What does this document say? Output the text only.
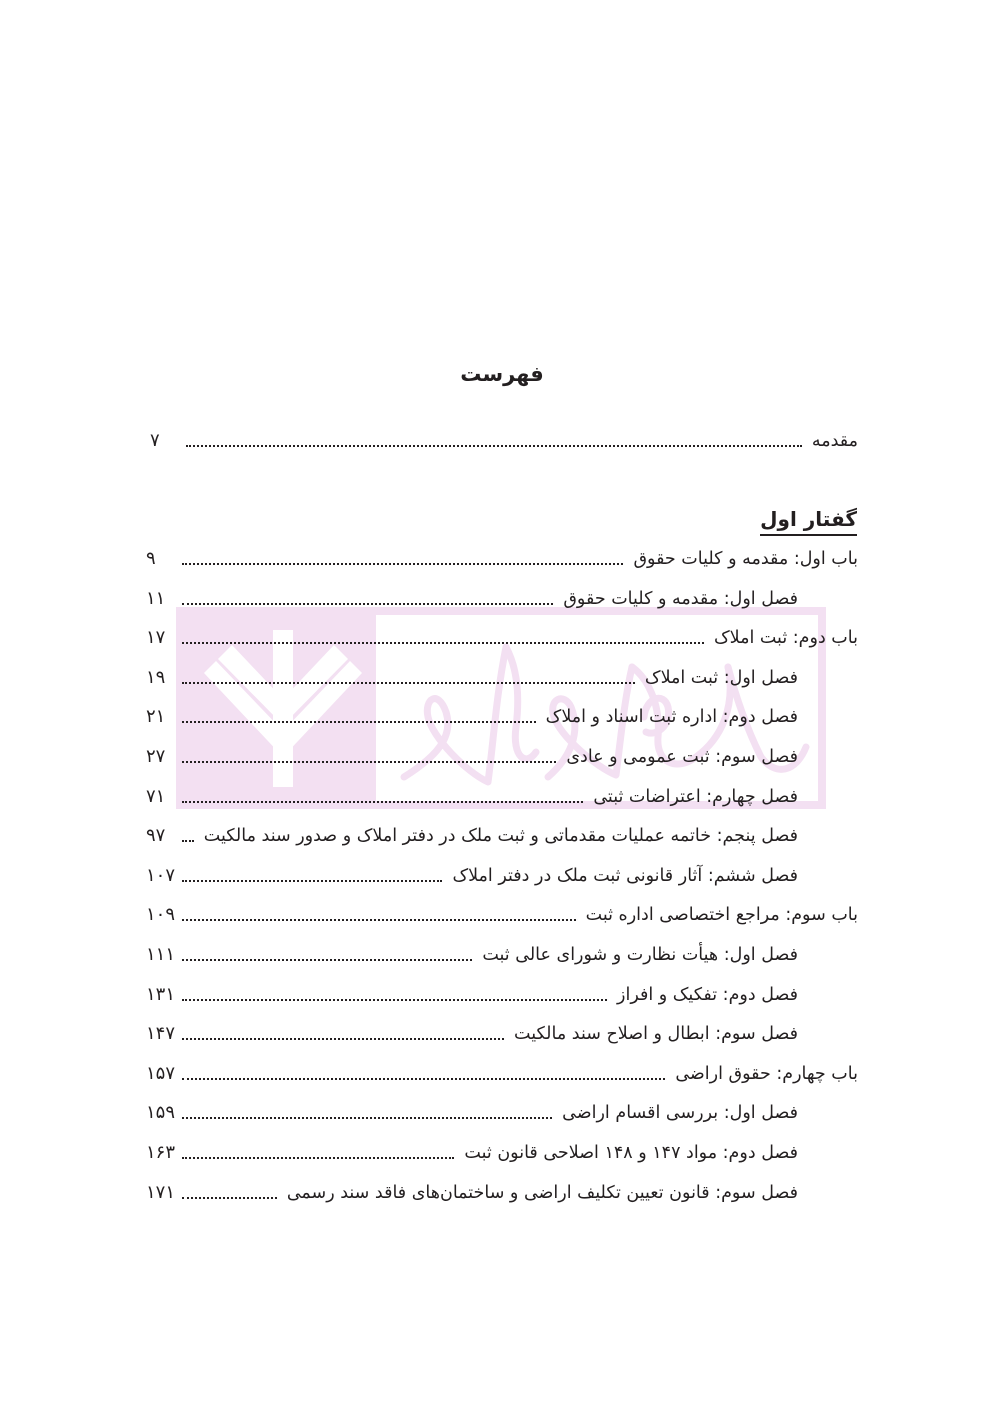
فهرست
مقدمه
۷
گفتار اول
باب اول: مقدمه و کلیات حقوق
۹
فصل اول: مقدمه و کلیات حقوق
۱۱
باب دوم: ثبت املاک
۱۷
فصل اول: ثبت املاک
۱۹
فصل دوم: اداره ثبت اسناد و املاک
۲۱
فصل سوم: ثبت عمومی و عادی
۲۷
فصل چهارم: اعتراضات ثبتی
۷۱
فصل پنجم: خاتمه عملیات مقدماتی و ثبت ملک در دفتر املاک و صدور سند مالکیت
۹۷
فصل ششم: آثار قانونی ثبت ملک در دفتر املاک
۱۰۷
باب سوم: مراجع اختصاصی اداره ثبت
۱۰۹
فصل اول: هیأت نظارت و شورای عالی ثبت
۱۱۱
فصل دوم: تفکیک و افراز
۱۳۱
فصل سوم: ابطال و اصلاح سند مالکیت
۱۴۷
باب چهارم: حقوق اراضی
۱۵۷
فصل اول: بررسی اقسام اراضی
۱۵۹
فصل دوم: مواد ۱۴۷ و ۱۴۸ اصلاحی قانون ثبت
۱۶۳
فصل سوم: قانون تعیین تکلیف اراضی و ساختمان‌های فاقد سند رسمی
۱۷۱
